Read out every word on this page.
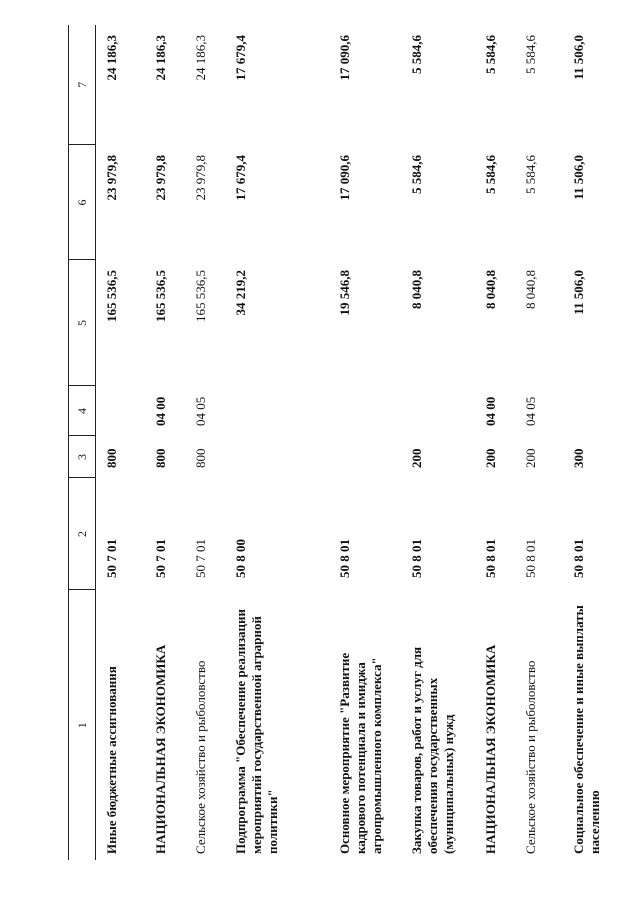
1	2	3	4	5	6	7
Иные бюджетные ассигнования	50 7 01	800		165 536,5	23 979,8	24 186,3
НАЦИОНАЛЬНАЯ ЭКОНОМИКА	50 7 01	800	04 00	165 536,5	23 979,8	24 186,3
Сельское хозяйство и рыболовство	50 7 01	800	04 05	165 536,5	23 979,8	24 186,3
Подпрограмма "Обеспечение реализации мероприятий государственной аграрной политики"	50 8 00			34 219,2	17 679,4	17 679,4
Основное мероприятие "Развитие кадрового потенциала и имиджа агропромышленного комплекса"	50 8 01			19 546,8	17 090,6	17 090,6
Закупка товаров, работ и услуг для обеспечения государственных (муниципальных) нужд	50 8 01	200		8 040,8	5 584,6	5 584,6
НАЦИОНАЛЬНАЯ ЭКОНОМИКА	50 8 01	200	04 00	8 040,8	5 584,6	5 584,6
Сельское хозяйство и рыболовство	50 8 01	200	04 05	8 040,8	5 584,6	5 584,6
Социальное обеспечение и иные выплаты населению	50 8 01	300		11 506,0	11 506,0	11 506,0
